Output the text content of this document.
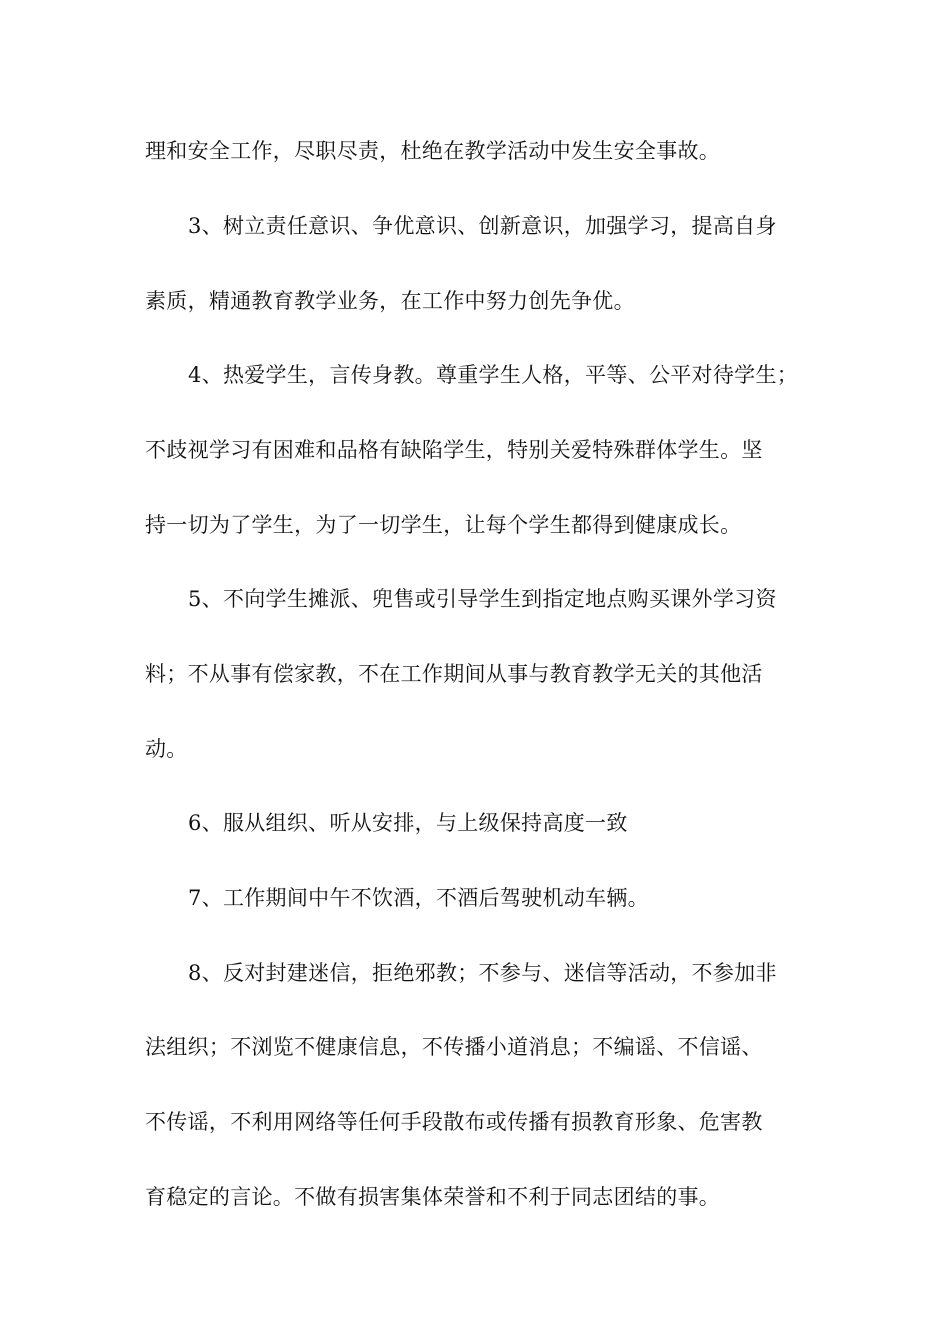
理和安全工作，尽职尽责，杜绝在教学活动中发生安全事故。
3、树立责任意识、争优意识、创新意识，加强学习，提高自身
素质，精通教育教学业务，在工作中努力创先争优。
4、热爱学生，言传身教。尊重学生人格，平等、公平对待学生；
不歧视学习有困难和品格有缺陷学生，特别关爱特殊群体学生。坚
持一切为了学生，为了一切学生，让每个学生都得到健康成长。
5、不向学生摊派、兜售或引导学生到指定地点购买课外学习资
料；不从事有偿家教，不在工作期间从事与教育教学无关的其他活
动。
6、服从组织、听从安排，与上级保持高度一致
7、工作期间中午不饮酒，不酒后驾驶机动车辆。
8、反对封建迷信，拒绝邪教；不参与、迷信等活动，不参加非
法组织；不浏览不健康信息，不传播小道消息；不编谣、不信谣、
不传谣，不利用网络等任何手段散布或传播有损教育形象、危害教
育稳定的言论。不做有损害集体荣誉和不利于同志团结的事。
